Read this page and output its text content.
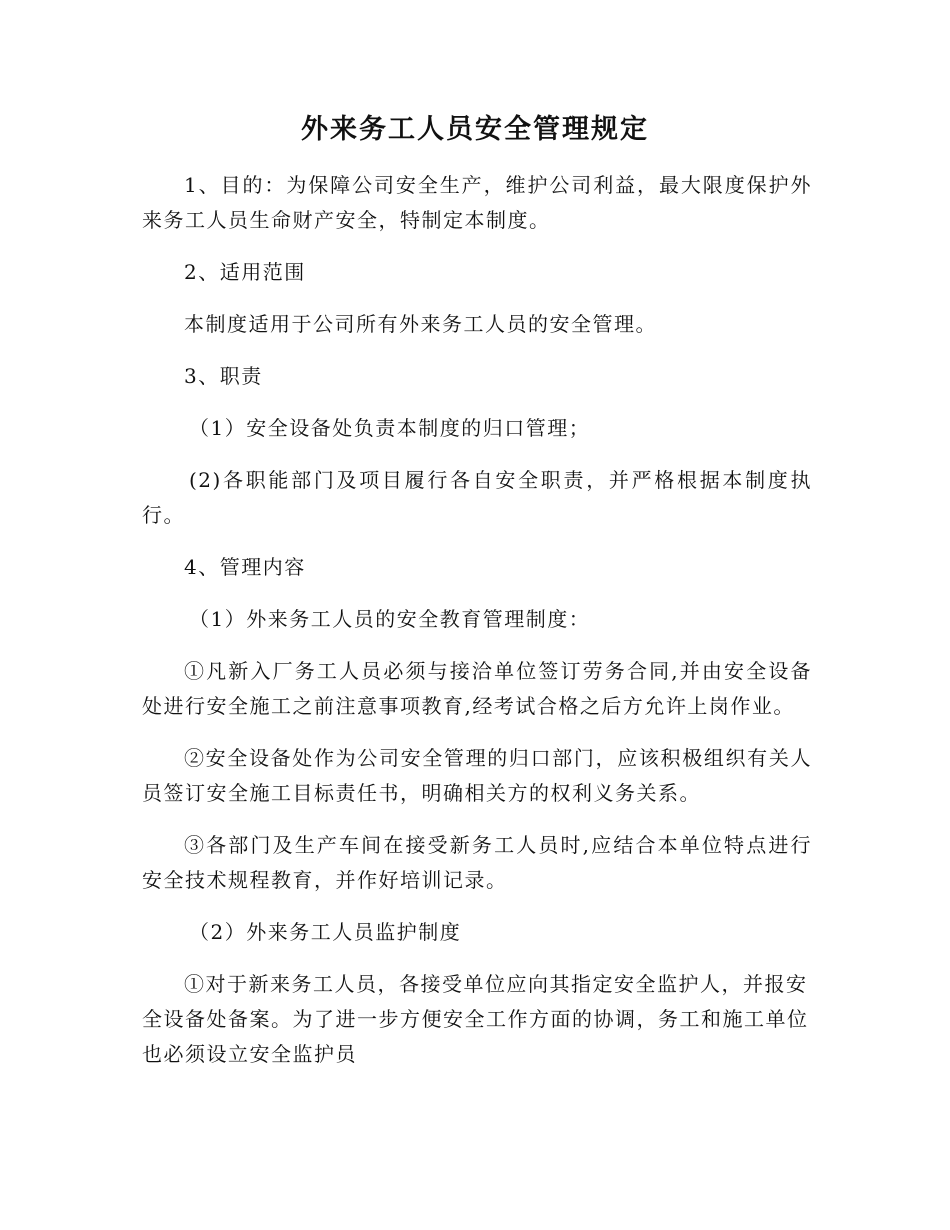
外来务工人员安全管理规定

1、目的：为保障公司安全生产，维护公司利益，最大限度保护外来务工人员生命财产安全，特制定本制度。

2、适用范围

本制度适用于公司所有外来务工人员的安全管理。

3、职责

（1）安全设备处负责本制度的归口管理；

(2)各职能部门及项目履行各自安全职责，并严格根据本制度执行。

4、管理内容

（1）外来务工人员的安全教育管理制度：

①凡新入厂务工人员必须与接洽单位签订劳务合同,并由安全设备处进行安全施工之前注意事项教育,经考试合格之后方允许上岗作业。

②安全设备处作为公司安全管理的归口部门，应该积极组织有关人员签订安全施工目标责任书，明确相关方的权利义务关系。

③各部门及生产车间在接受新务工人员时,应结合本单位特点进行安全技术规程教育，并作好培训记录。

（2）外来务工人员监护制度

①对于新来务工人员，各接受单位应向其指定安全监护人，并报安全设备处备案。为了进一步方便安全工作方面的协调，务工和施工单位也必须设立安全监护员
